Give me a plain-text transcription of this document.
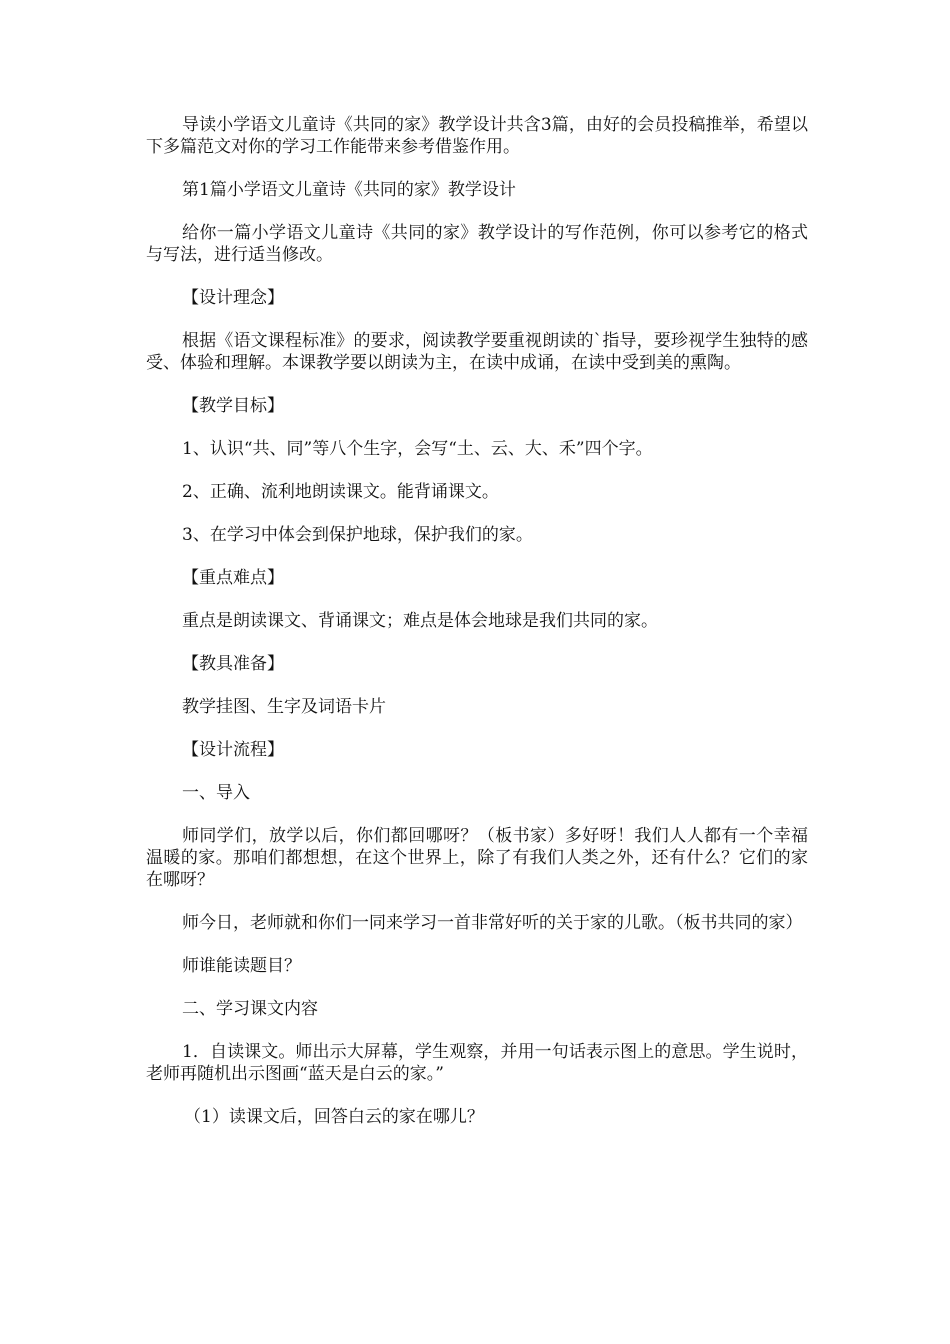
导读小学语文儿童诗《共同的家》教学设计共含3篇，由好的会员投稿推举，希望以下多篇范文对你的学习工作能带来参考借鉴作用。

第1篇小学语文儿童诗《共同的家》教学设计

给你一篇小学语文儿童诗《共同的家》教学设计的写作范例，你可以参考它的格式与写法，进行适当修改。

【设计理念】

根据《语文课程标准》的要求，阅读教学要重视朗读的`指导，要珍视学生独特的感受、体验和理解。本课教学要以朗读为主，在读中成诵，在读中受到美的熏陶。

【教学目标】

1、认识“共、同”等八个生字，会写“土、云、大、禾”四个字。

2、正确、流利地朗读课文。能背诵课文。

3、在学习中体会到保护地球，保护我们的家。

【重点难点】

重点是朗读课文、背诵课文；难点是体会地球是我们共同的家。

【教具准备】

教学挂图、生字及词语卡片

【设计流程】

一、导入

师同学们，放学以后，你们都回哪呀？（板书家）多好呀！我们人人都有一个幸福温暖的家。那咱们都想想，在这个世界上，除了有我们人类之外，还有什么？它们的家在哪呀？

师今日，老师就和你们一同来学习一首非常好听的关于家的儿歌。（板书共同的家）

师谁能读题目？

二、学习课文内容

1．自读课文。师出示大屏幕，学生观察，并用一句话表示图上的意思。学生说时，老师再随机出示图画“蓝天是白云的家。”

（1）读课文后，回答白云的家在哪儿？
